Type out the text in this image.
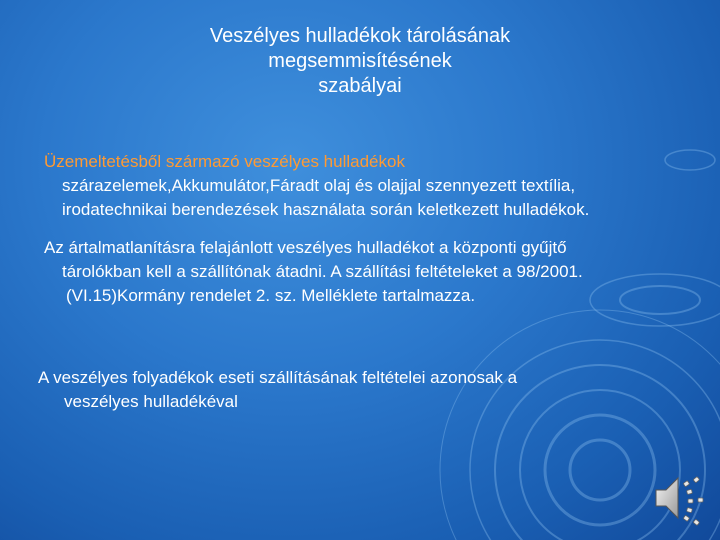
Veszélyes hulladékok tárolásának
megsemmisítésének
szabályai
Üzemeltetésből származó veszélyes hulladékok
szárazelemek,Akkumulátor,Fáradt olaj és olajjal szennyezett textília,
irodatechnikai berendezések használata során keletkezett hulladékok.
Az ártalmatlanításra felajánlott veszélyes hulladékot a központi gyűjtő
tárolókban kell a szállítónak átadni. A szállítási feltételeket a 98/2001.
(VI.15)Kormány rendelet 2. sz. Melléklete tartalmazza.
A veszélyes folyadékok eseti szállításának feltételei azonosak a
veszélyes hulladékéval
